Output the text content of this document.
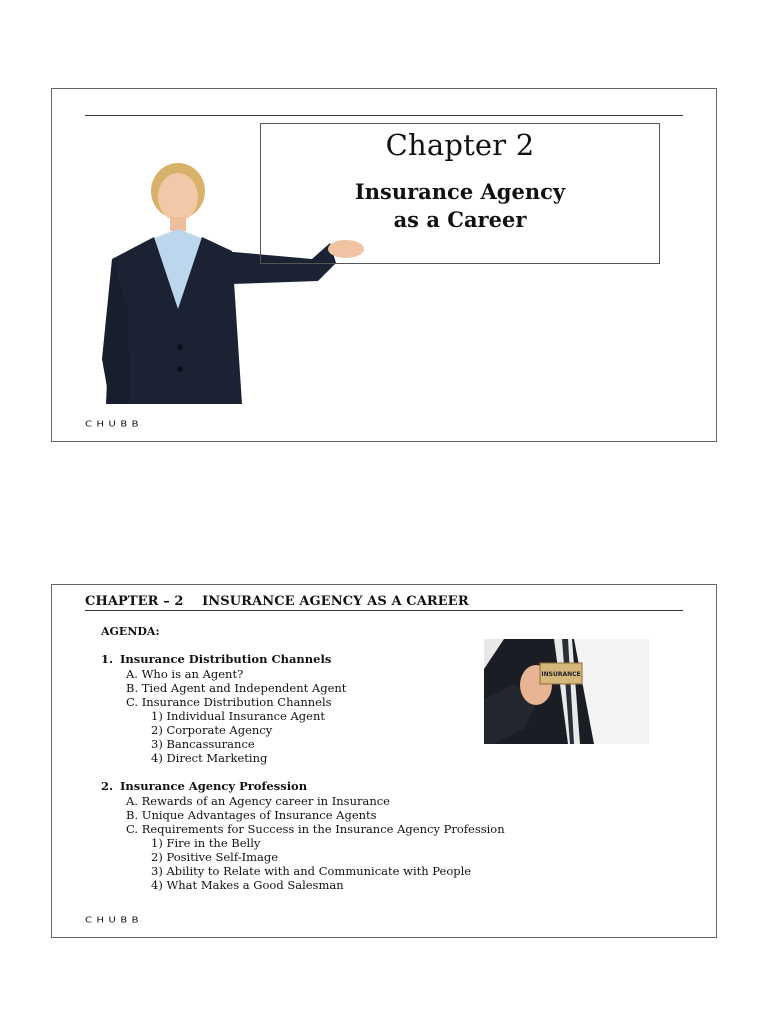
Chapter 2
Insurance Agency
as a Career
CHUBB
CHAPTER – 2    INSURANCE AGENCY AS A CAREER
AGENDA:
1. Insurance Distribution Channels
A. Who is an Agent?
B. Tied Agent and Independent Agent
C. Insurance Distribution Channels
1) Individual Insurance Agent
2) Corporate Agency
3) Bancassurance
4) Direct Marketing
2. Insurance Agency Profession
A. Rewards of an Agency career in Insurance
B. Unique Advantages of Insurance Agents
C. Requirements for Success in the Insurance Agency Profession
1) Fire in the Belly
2) Positive Self-Image
3) Ability to Relate with and Communicate with People
4) What Makes a Good Salesman
INSURANCE
CHUBB
